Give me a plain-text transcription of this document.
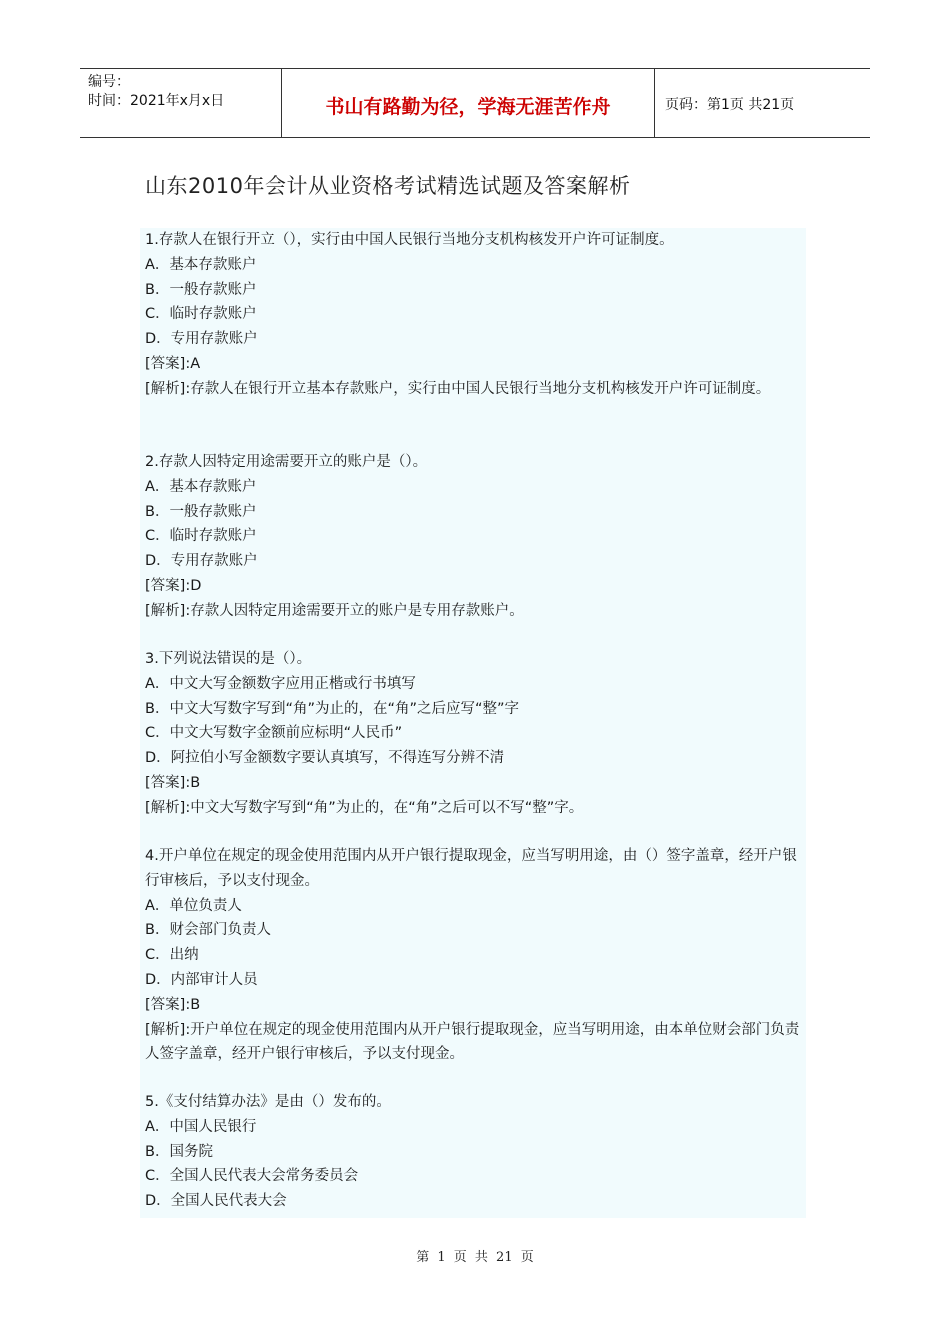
编号：
时间：2021年x月x日	书山有路勤为径，学海无涯苦作舟	页码：第1页 共21页
山东2010年会计从业资格考试精选试题及答案解析
1.存款人在银行开立（），实行由中国人民银行当地分支机构核发开户许可证制度。
A．基本存款账户
B．一般存款账户
C．临时存款账户
D．专用存款账户
[答案]:A
[解析]:存款人在银行开立基本存款账户，实行由中国人民银行当地分支机构核发开户许可证制度。
2.存款人因特定用途需要开立的账户是（）。
A．基本存款账户
B．一般存款账户
C．临时存款账户
D．专用存款账户
[答案]:D
[解析]:存款人因特定用途需要开立的账户是专用存款账户。
3.下列说法错误的是（）。
A．中文大写金额数字应用正楷或行书填写
B．中文大写数字写到“角”为止的，在“角”之后应写“整”字
C．中文大写数字金额前应标明“人民币”
D．阿拉伯小写金额数字要认真填写，不得连写分辨不清
[答案]:B
[解析]:中文大写数字写到“角”为止的，在“角”之后可以不写“整”字。
4.开户单位在规定的现金使用范围内从开户银行提取现金，应当写明用途，由（）签字盖章，经开户银行审核后，予以支付现金。
A．单位负责人
B．财会部门负责人
C．出纳
D．内部审计人员
[答案]:B
[解析]:开户单位在规定的现金使用范围内从开户银行提取现金，应当写明用途，由本单位财会部门负责人签字盖章，经开户银行审核后，予以支付现金。
5.《支付结算办法》是由（）发布的。
A．中国人民银行
B．国务院
C．全国人民代表大会常务委员会
D．全国人民代表大会
第 1 页 共 21 页
